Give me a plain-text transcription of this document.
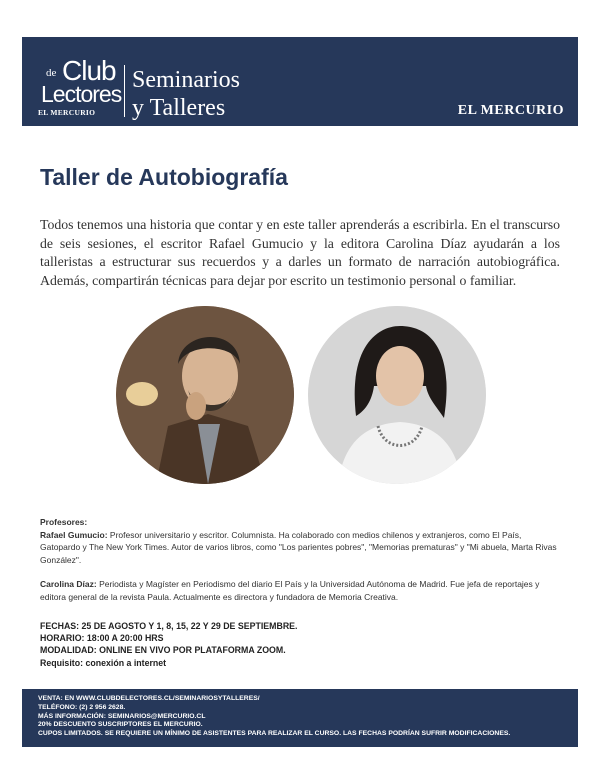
de Club
Lectores
EL MERCURIO
Seminarios
y Talleres	EL MERCURIO
Taller de Autobiografía
Todos tenemos una historia que contar y en este taller aprenderás a escribirla. En el transcurso de seis sesiones, el escritor Rafael Gumucio y la editora Carolina Díaz ayudarán a los talleristas a estructurar sus recuerdos y a darles un formato de narración autobiográfica. Además, compartirán técnicas para dejar por escrito un testimonio personal o familiar.

Profesores:

Rafael Gumucio: Profesor universitario y escritor. Columnista. Ha colaborado con medios chilenos y extranjeros, como El País, Gatopardo y The New York Times. Autor de varios libros, como "Los parientes pobres", "Memorias prematuras" y "Mi abuela, Marta Rivas González".

Carolina Díaz: Periodista y Magíster en Periodismo del diario El País y la Universidad Autónoma de Madrid. Fue jefa de reportajes y editora general de la revista Paula. Actualmente es directora y fundadora de Memoria Creativa.

FECHAS: 25 DE AGOSTO Y 1, 8, 15, 22 Y 29 DE SEPTIEMBRE.

HORARIO: 18:00 A 20:00 HRS

MODALIDAD: ONLINE EN VIVO POR PLATAFORMA ZOOM.

Requisito: conexión a internet

VENTA: EN WWW.CLUBDELECTORES.CL/SEMINARIOSYTALLERES/

TELÉFONO: (2) 2 956 2628.

MÁS INFORMACIÓN: SEMINARIOS@MERCURIO.CL

20% DESCUENTO SUSCRIPTORES EL MERCURIO.

CUPOS LIMITADOS. SE REQUIERE UN MÍNIMO DE ASISTENTES PARA REALIZAR EL CURSO. LAS FECHAS PODRÍAN SUFRIR MODIFICACIONES.
